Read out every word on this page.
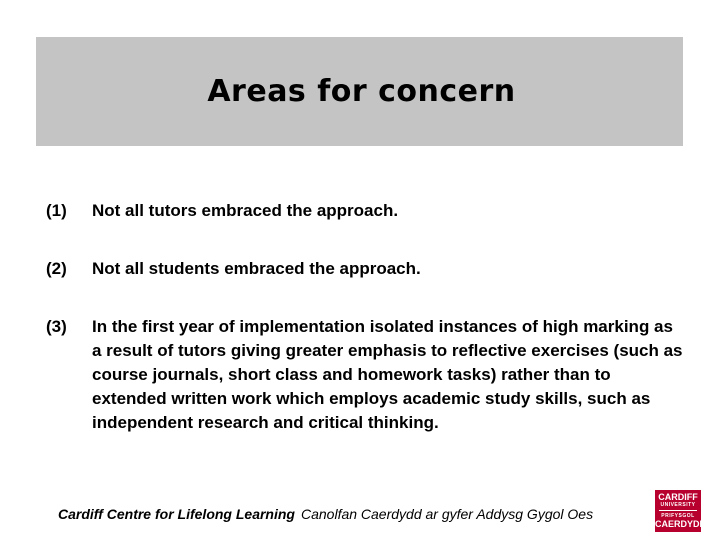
Areas for concern
(1)	Not all tutors embraced the approach.
(2)	Not all students embraced the approach.
(3)	In the first year of implementation isolated instances of high marking as a result of tutors giving greater emphasis to reflective exercises (such as course journals, short class and homework tasks) rather than to extended written work which employs academic study skills, such as independent research and critical thinking.
Cardiff Centre for Lifelong Learning Canolfan Caerdydd ar gyfer Addysg Gygol Oes
CARDIFF
UNIVERSITY
PRIFYSGOL
CAERDYDD
